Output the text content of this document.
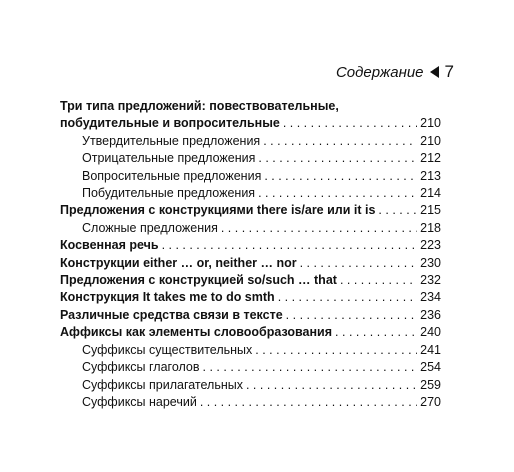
Содержание 7
Три типа предложений: повествовательные,
побудительные и вопросительные . . .	210
Утвердительные предложения . . .	210
Отрицательные предложения . . .	212
Вопросительные предложения . . .	213
Побудительные предложения . . .	214
Предложения с конструкциями there is/are или it is . . .	215
Сложные предложения . . .	218
Косвенная речь . . .	223
Конструкции either … or, neither … nor . . .	230
Предложения с конструкцией so/such … that . . .	232
Конструкция It takes me to do smth . . .	234
Различные средства связи в тексте . . .	236
Аффиксы как элементы словообразования . . .	240
Суффиксы существительных . . .	241
Суффиксы глаголов . . .	254
Суффиксы прилагательных . . .	259
Суффиксы наречий . . .	270
